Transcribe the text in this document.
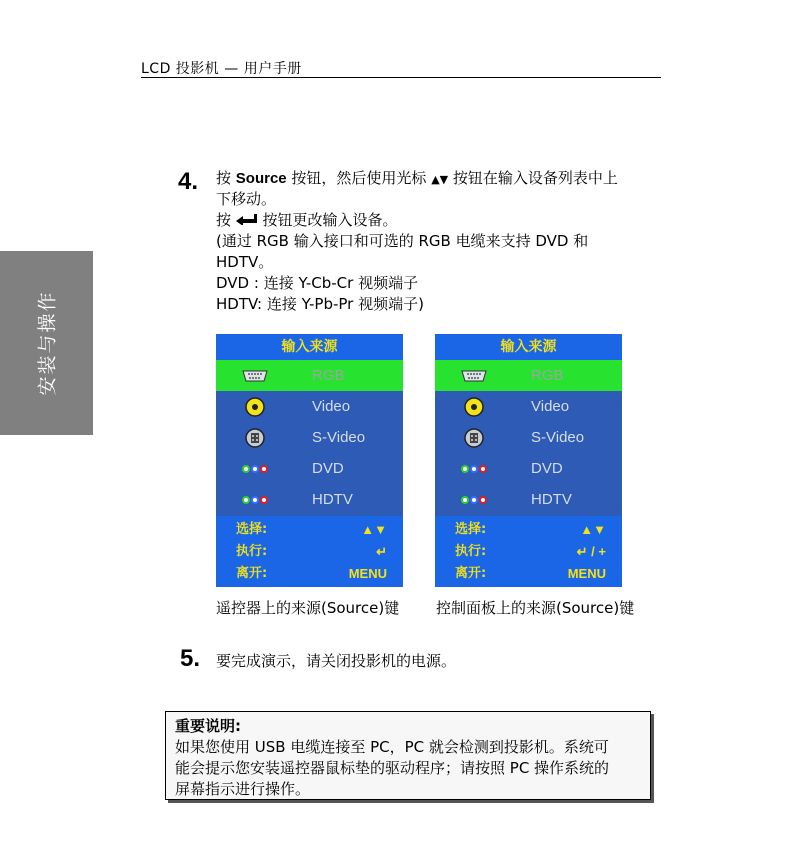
LCD 投影机 — 用户手册
安装与操作
4. 按 Source 按钮，然后使用光标 ▲▼ 按钮在输入设备列表中上
下移动。
按  按钮更改输入设备。
(通过 RGB 输入接口和可选的 RGB 电缆来支持 DVD 和
HDTV。
DVD : 连接 Y-Cb-Cr 视频端子
HDTV: 连接 Y-Pb-Pr 视频端子)
输入来源
RGB
Video
S-Video
DVD
HDTV
选择:	▲▼
执行:	↵
离开:	MENU
遥控器上的来源(Source)键
输入来源
RGB
Video
S-Video
DVD
HDTV
选择:	▲▼
执行:	↵ / +
离开:	MENU
控制面板上的来源(Source)键
5. 要完成演示，请关闭投影机的电源。
重要说明:
如果您使用 USB 电缆连接至 PC，PC 就会检测到投影机。系统可
能会提示您安装遥控器鼠标垫的驱动程序；请按照 PC 操作系统的
屏幕指示进行操作。
